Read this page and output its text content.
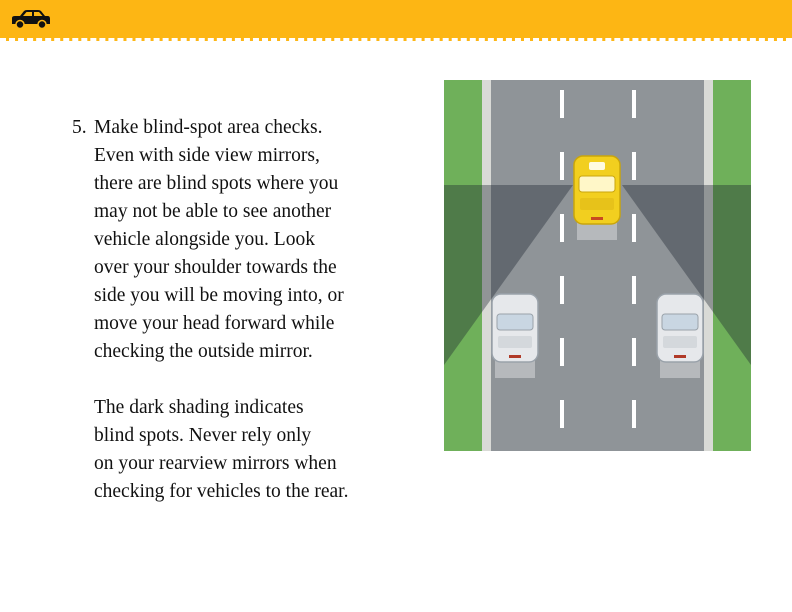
5. Make blind-spot area checks.
Even with side view mirrors,
there are blind spots where you
may not be able to see another
vehicle alongside you. Look
over your shoulder towards the
side you will be moving into, or
move your head forward while
checking the outside mirror.
The dark shading indicates
blind spots. Never rely only
on your rearview mirrors when
checking for vehicles to the rear.
